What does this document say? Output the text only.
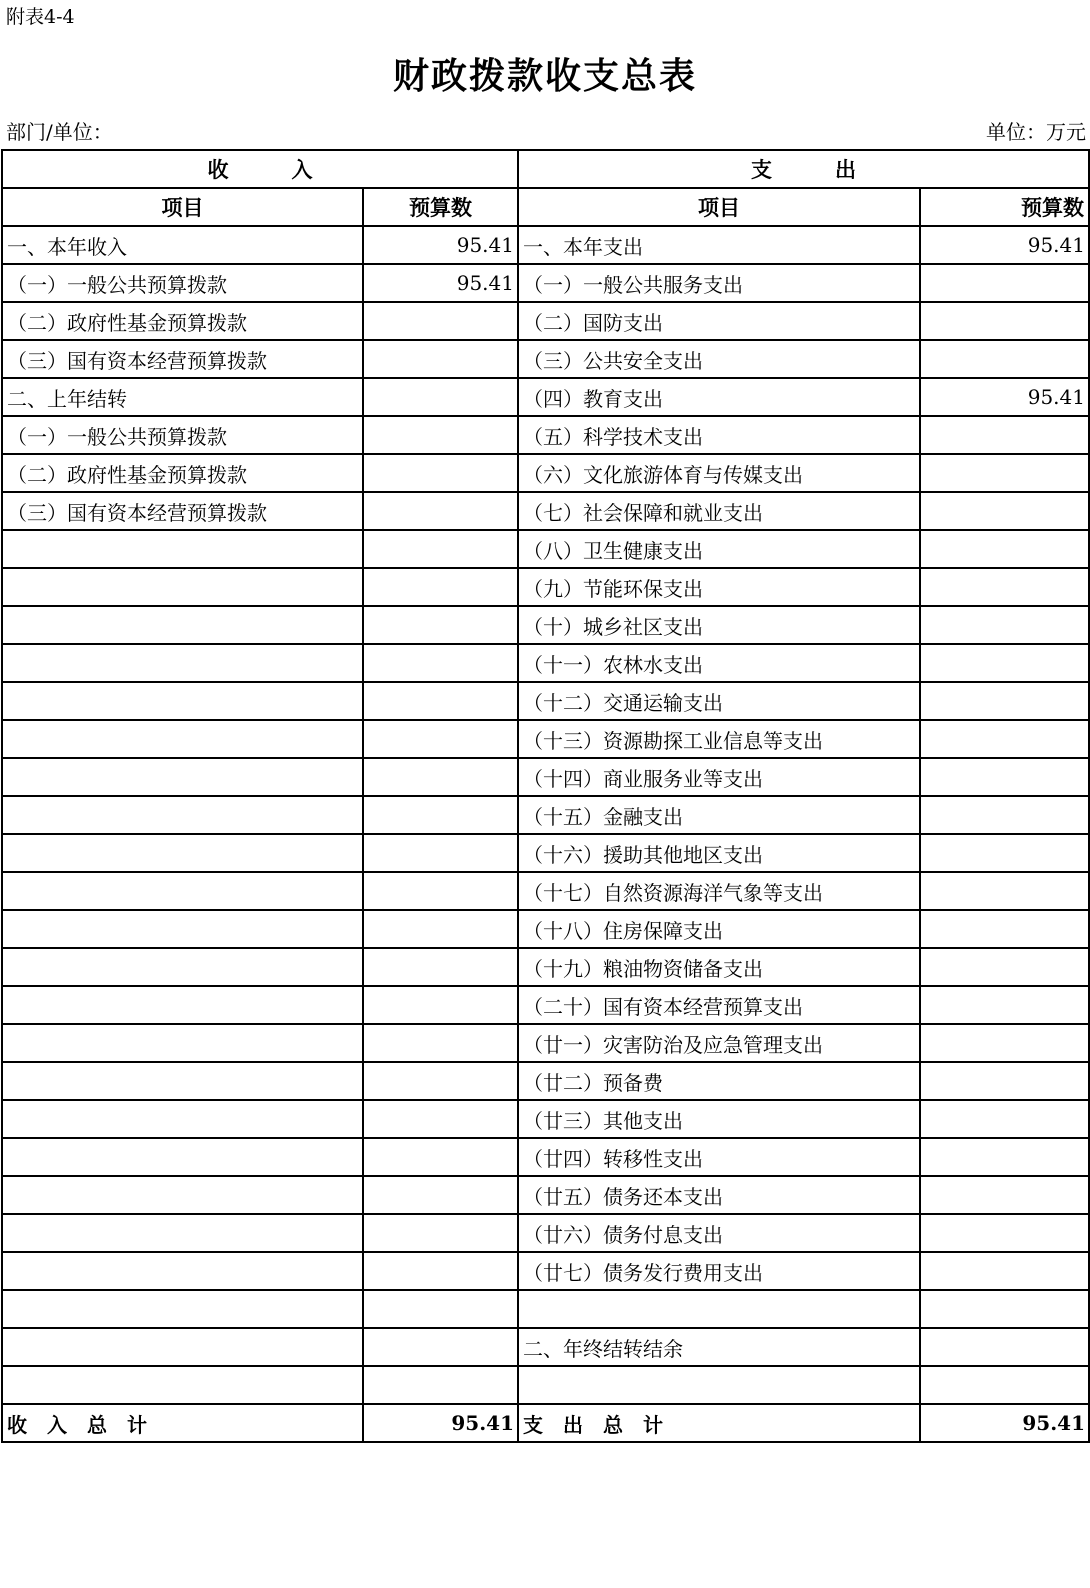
附表4-4
财政拨款收支总表
部门/单位：	单位：万元
收　　　入		支　　　出	
项目	预算数	项目	预算数
一、本年收入	95.41	一、本年支出	95.41
（一）一般公共预算拨款	95.41	（一）一般公共服务支出	
（二）政府性基金预算拨款		（二）国防支出	
（三）国有资本经营预算拨款		（三）公共安全支出	
二、上年结转		（四）教育支出	95.41
（一）一般公共预算拨款		（五）科学技术支出	
（二）政府性基金预算拨款		（六）文化旅游体育与传媒支出	
（三）国有资本经营预算拨款		（七）社会保障和就业支出	
		（八）卫生健康支出	
		（九）节能环保支出	
		（十）城乡社区支出	
		（十一）农林水支出	
		（十二）交通运输支出	
		（十三）资源勘探工业信息等支出	
		（十四）商业服务业等支出	
		（十五）金融支出	
		（十六）援助其他地区支出	
		（十七）自然资源海洋气象等支出	
		（十八）住房保障支出	
		（十九）粮油物资储备支出	
		（二十）国有资本经营预算支出	
		（廿一）灾害防治及应急管理支出	
		（廿二）预备费	
		（廿三）其他支出	
		（廿四）转移性支出	
		（廿五）债务还本支出	
		（廿六）债务付息支出	
		（廿七）债务发行费用支出	

		二、年终结转结余	

收　入　总　计	95.41	支　出　总　计	95.41
